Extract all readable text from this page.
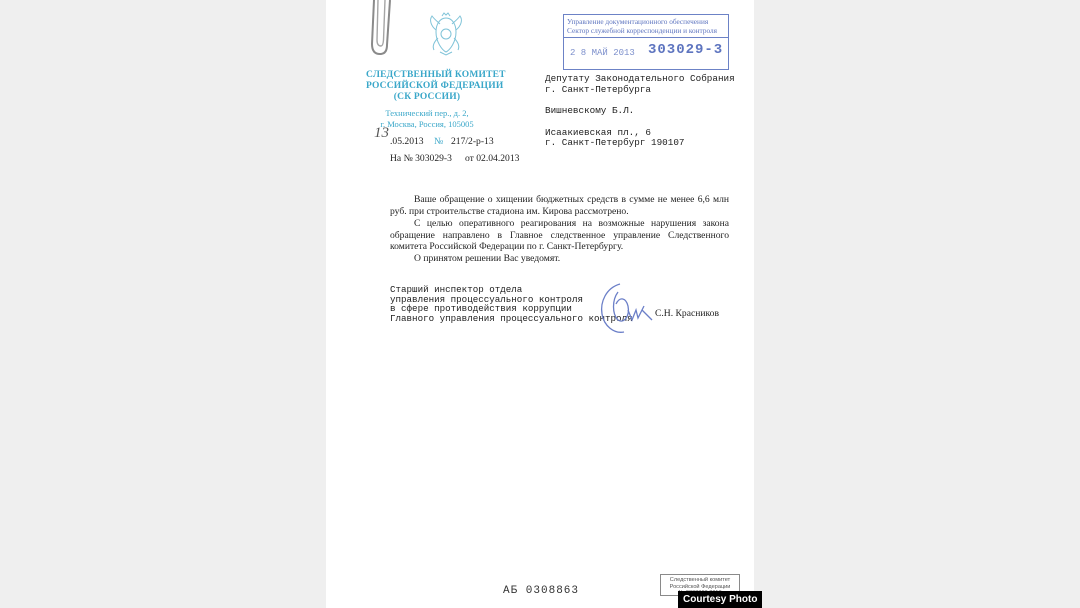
СЛЕДСТВЕННЫЙ КОМИТЕТ
РОССИЙСКОЙ ФЕДЕРАЦИИ
(СК РОССИИ)
Технический пер., д. 2,
г. Москва, Россия, 105005
Управление документационного обеспечения
Сектор служебной корреспонденции и контроля
2 8 МАЙ 2013 303029-3
13
.05.2013 № 217/2-р-13
На № 303029-3 от 02.04.2013
Депутату Законодательного Собрания
г. Санкт-Петербурга
Вишневскому Б.Л.
Исаакиевская пл., 6
г. Санкт-Петербург 190107
Ваше обращение о хищении бюджетных средств в сумме не менее 6,6 млн руб. при строительстве стадиона им. Кирова рассмотрено.
С целью оперативного реагирования на возможные нарушения закона обращение направлено в Главное следственное управление Следственного комитета Российской Федерации по г. Санкт-Петербургу.
О принятом решении Вас уведомят.
Старший инспектор отдела
управления процессуального контроля
в сфере противодействия коррупции
Главного управления процессуального контроля С.Н. Красников
АБ 0308863
Следственный комитет
Российской Федерации
Courtesy Photo
